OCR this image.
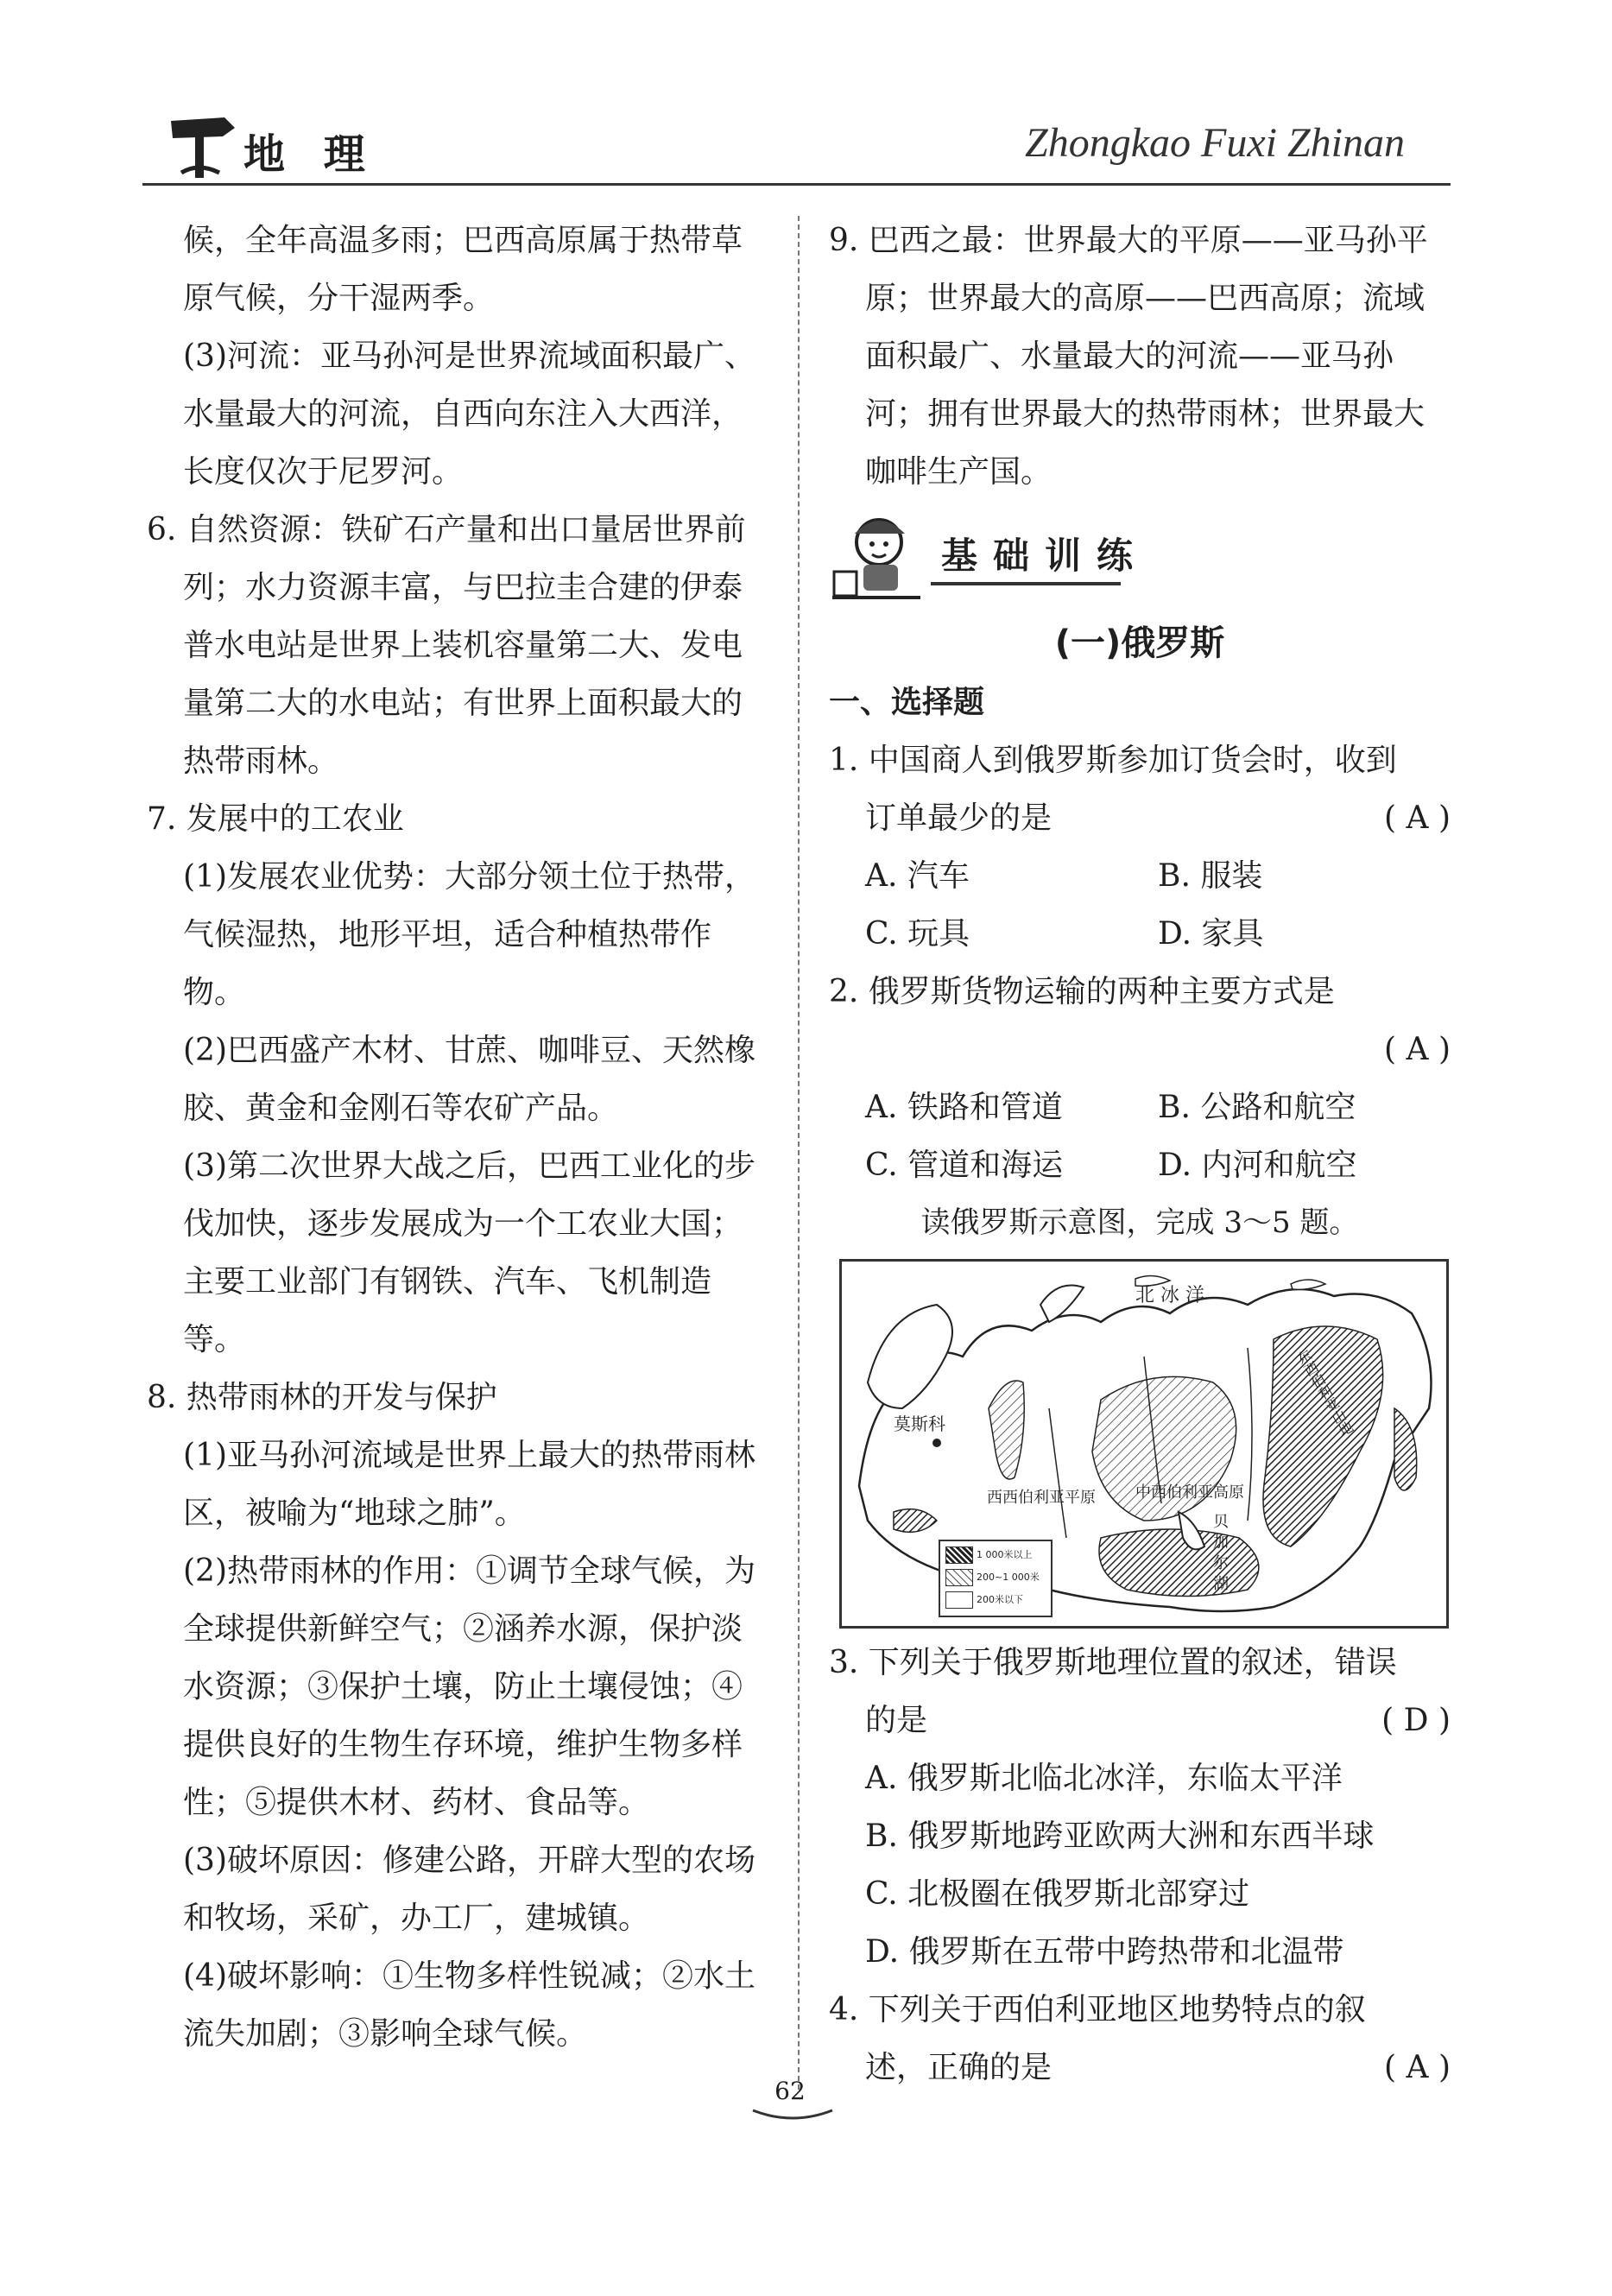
地 理	Zhongkao Fuxi Zhinan

候，全年高温多雨；巴西高原属于热带草原气候，分干湿两季。

(3)河流：亚马孙河是世界流域面积最广、水量最大的河流，自西向东注入大西洋，长度仅次于尼罗河。

6. 自然资源：铁矿石产量和出口量居世界前列；水力资源丰富，与巴拉圭合建的伊泰普水电站是世界上装机容量第二大、发电量第二大的水电站；有世界上面积最大的热带雨林。

7. 发展中的工农业

(1)发展农业优势：大部分领土位于热带，气候湿热，地形平坦，适合种植热带作物。

(2)巴西盛产木材、甘蔗、咖啡豆、天然橡胶、黄金和金刚石等农矿产品。

(3)第二次世界大战之后，巴西工业化的步伐加快，逐步发展成为一个工农业大国；主要工业部门有钢铁、汽车、飞机制造等。

8. 热带雨林的开发与保护

(1)亚马孙河流域是世界上最大的热带雨林区，被喻为“地球之肺”。

(2)热带雨林的作用：①调节全球气候，为全球提供新鲜空气；②涵养水源，保护淡水资源；③保护土壤，防止土壤侵蚀；④提供良好的生物生存环境，维护生物多样性；⑤提供木材、药材、食品等。

(3)破坏原因：修建公路，开辟大型的农场和牧场，采矿，办工厂，建城镇。

(4)破坏影响：①生物多样性锐减；②水土流失加剧；③影响全球气候。

9. 巴西之最：世界最大的平原——亚马孙平原；世界最大的高原——巴西高原；流域面积最广、水量最大的河流——亚马孙河；拥有世界最大的热带雨林；世界最大咖啡生产国。

基础训练

(一)俄罗斯

一、选择题

1. 中国商人到俄罗斯参加订货会时，收到

订单最少的是	( A )
A. 汽车	B. 服装
C. 玩具	D. 家具

2. 俄罗斯货物运输的两种主要方式是

( A )
A. 铁路和管道	B. 公路和航空
C. 管道和海运	D. 内河和航空

读俄罗斯示意图，完成 3～5 题。

北 冰 洋
莫斯科
西西伯利亚平原	中西伯利亚高原
东西伯利亚山地
贝加尔湖
1 000米以上
200~1 000米
200米以下

3. 下列关于俄罗斯地理位置的叙述，错误

的是	( D )

A. 俄罗斯北临北冰洋，东临太平洋

B. 俄罗斯地跨亚欧两大洲和东西半球

C. 北极圈在俄罗斯北部穿过

D. 俄罗斯在五带中跨热带和北温带

4. 下列关于西伯利亚地区地势特点的叙

述，正确的是	( A )
62
